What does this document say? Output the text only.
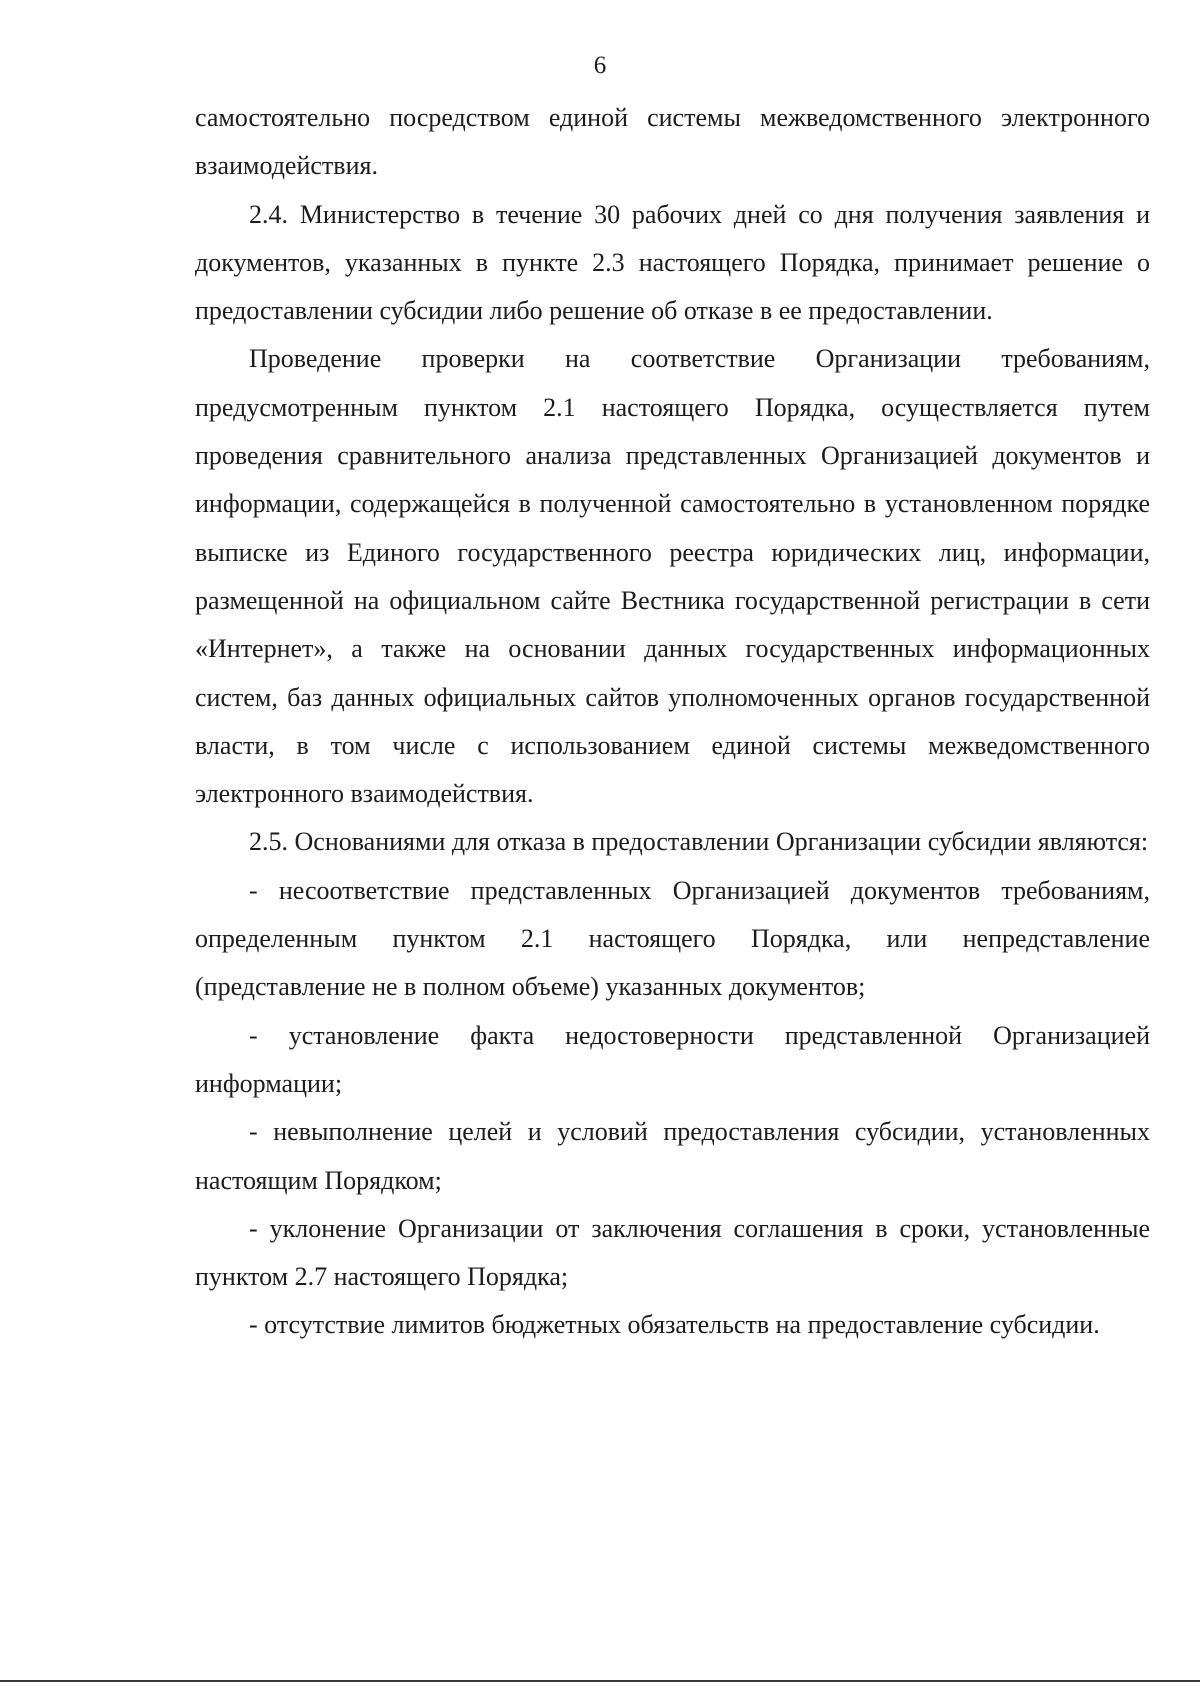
6

самостоятельно посредством единой системы межведомственного электронного взаимодействия.

2.4. Министерство в течение 30 рабочих дней со дня получения заявления и документов, указанных в пункте 2.3 настоящего Порядка, принимает решение о предоставлении субсидии либо решение об отказе в ее предоставлении.

Проведение проверки на соответствие Организации требованиям, предусмотренным пунктом 2.1 настоящего Порядка, осуществляется путем проведения сравнительного анализа представленных Организацией документов и информации, содержащейся в полученной самостоятельно в установленном порядке выписке из Единого государственного реестра юридических лиц, информации, размещенной на официальном сайте Вестника государственной регистрации в сети «Интернет», а также на основании данных государственных информационных систем, баз данных официальных сайтов уполномоченных органов государственной власти, в том числе с использованием единой системы межведомственного электронного взаимодействия.

2.5. Основаниями для отказа в предоставлении Организации субсидии являются:

- несоответствие представленных Организацией документов требованиям, определенным пунктом 2.1 настоящего Порядка, или непредставление (представление не в полном объеме) указанных документов;

- установление факта недостоверности представленной Организацией информации;

- невыполнение целей и условий предоставления субсидии, установленных настоящим Порядком;

- уклонение Организации от заключения соглашения в сроки, установленные пунктом 2.7 настоящего Порядка;

- отсутствие лимитов бюджетных обязательств на предоставление субсидии.
